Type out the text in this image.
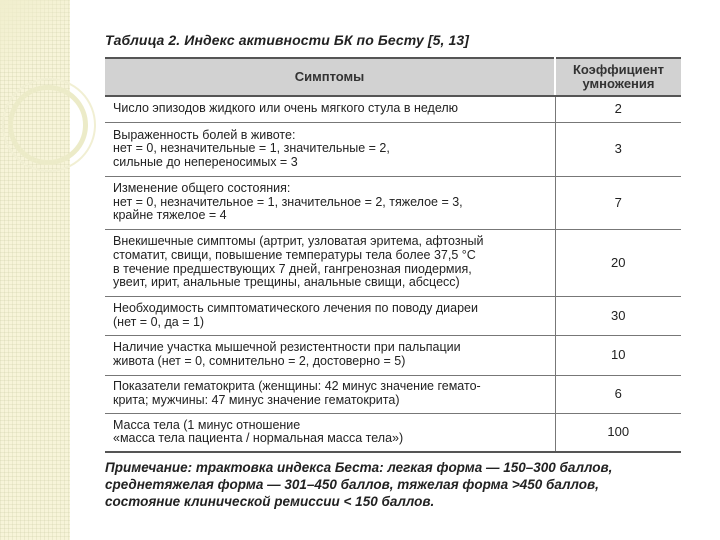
Таблица 2. Индекс активности БК по Бесту [5, 13]
Симптомы	Коэффициент
умножения

Число эпизодов жидкого или очень мягкого стула в неделю	2

Выраженность болей в животе:
нет = 0, незначительные = 1, значительные = 2,
сильные до непереносимых = 3	3

Изменение общего состояния:
нет = 0, незначительное = 1, значительное = 2, тяжелое = 3,
крайне тяжелое = 4	7

Внекишечные симптомы (артрит, узловатая эритема, афтозный
стоматит, свищи, повышение температуры тела более 37,5 °С
в течение предшествующих 7 дней, гангренозная пиодермия,
увеит, ирит, анальные трещины, анальные свищи, абсцесс)	20

Необходимость симптоматического лечения по поводу диареи
(нет = 0, да = 1)	30

Наличие участка мышечной резистентности при пальпации
живота (нет = 0, сомнительно = 2, достоверно = 5)	10

Показатели гематокрита (женщины: 42 минус значение гемато-
крита; мужчины: 47 минус значение гематокрита)	6

Масса тела (1 минус отношение
«масса тела пациента / нормальная масса тела»)	100
Примечание: трактовка индекса Беста: легкая форма — 150–300 баллов,
среднетяжелая форма — 301–450 баллов, тяжелая форма >450 баллов,
состояние клинической ремиссии < 150 баллов.
